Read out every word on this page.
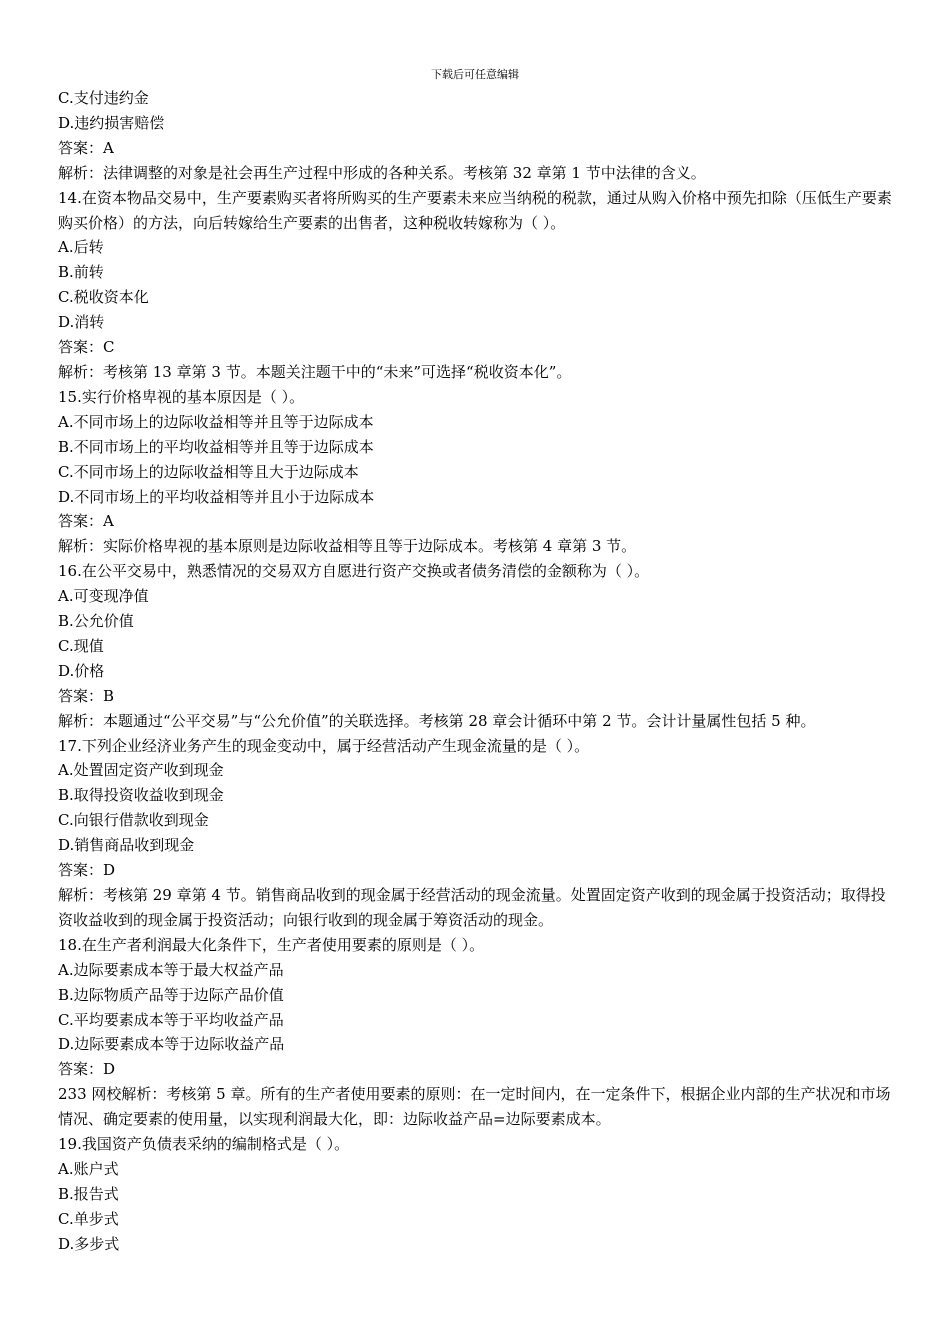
下载后可任意编辑

C.支付违约金

D.违约损害赔偿

答案：A

解析：法律调整的对象是社会再生产过程中形成的各种关系。考核第 32 章第 1 节中法律的含义。

14.在资本物品交易中，生产要素购买者将所购买的生产要素未来应当纳税的税款，通过从购入价格中预先扣除（压低生产要素购买价格）的方法，向后转嫁给生产要素的出售者，这种税收转嫁称为（ ）。

A.后转

B.前转

C.税收资本化

D.消转

答案：C

解析：考核第 13 章第 3 节。本题关注题干中的“未来”可选择“税收资本化”。

15.实行价格卑视的基本原因是（ ）。

A.不同市场上的边际收益相等并且等于边际成本

B.不同市场上的平均收益相等并且等于边际成本

C.不同市场上的边际收益相等且大于边际成本

D.不同市场上的平均收益相等并且小于边际成本

答案：A

解析：实际价格卑视的基本原则是边际收益相等且等于边际成本。考核第 4 章第 3 节。

16.在公平交易中，熟悉情况的交易双方自愿进行资产交换或者债务清偿的金额称为（ ）。

A.可变现净值

B.公允价值

C.现值

D.价格

答案：B

解析：本题通过“公平交易”与“公允价值”的关联选择。考核第 28 章会计循环中第 2 节。会计计量属性包括 5 种。

17.下列企业经济业务产生的现金变动中，属于经营活动产生现金流量的是（ ）。

A.处置固定资产收到现金

B.取得投资收益收到现金

C.向银行借款收到现金

D.销售商品收到现金

答案：D

解析：考核第 29 章第 4 节。销售商品收到的现金属于经营活动的现金流量。处置固定资产收到的现金属于投资活动；取得投资收益收到的现金属于投资活动；向银行收到的现金属于筹资活动的现金。

18.在生产者利润最大化条件下，生产者使用要素的原则是（ ）。

A.边际要素成本等于最大权益产品

B.边际物质产品等于边际产品价值

C.平均要素成本等于平均收益产品

D.边际要素成本等于边际收益产品

答案：D

233 网校解析：考核第 5 章。所有的生产者使用要素的原则：在一定时间内，在一定条件下，根据企业内部的生产状况和市场情况、确定要素的使用量，以实现利润最大化，即：边际收益产品=边际要素成本。

19.我国资产负债表采纳的编制格式是（ ）。

A.账户式

B.报告式

C.单步式

D.多步式
